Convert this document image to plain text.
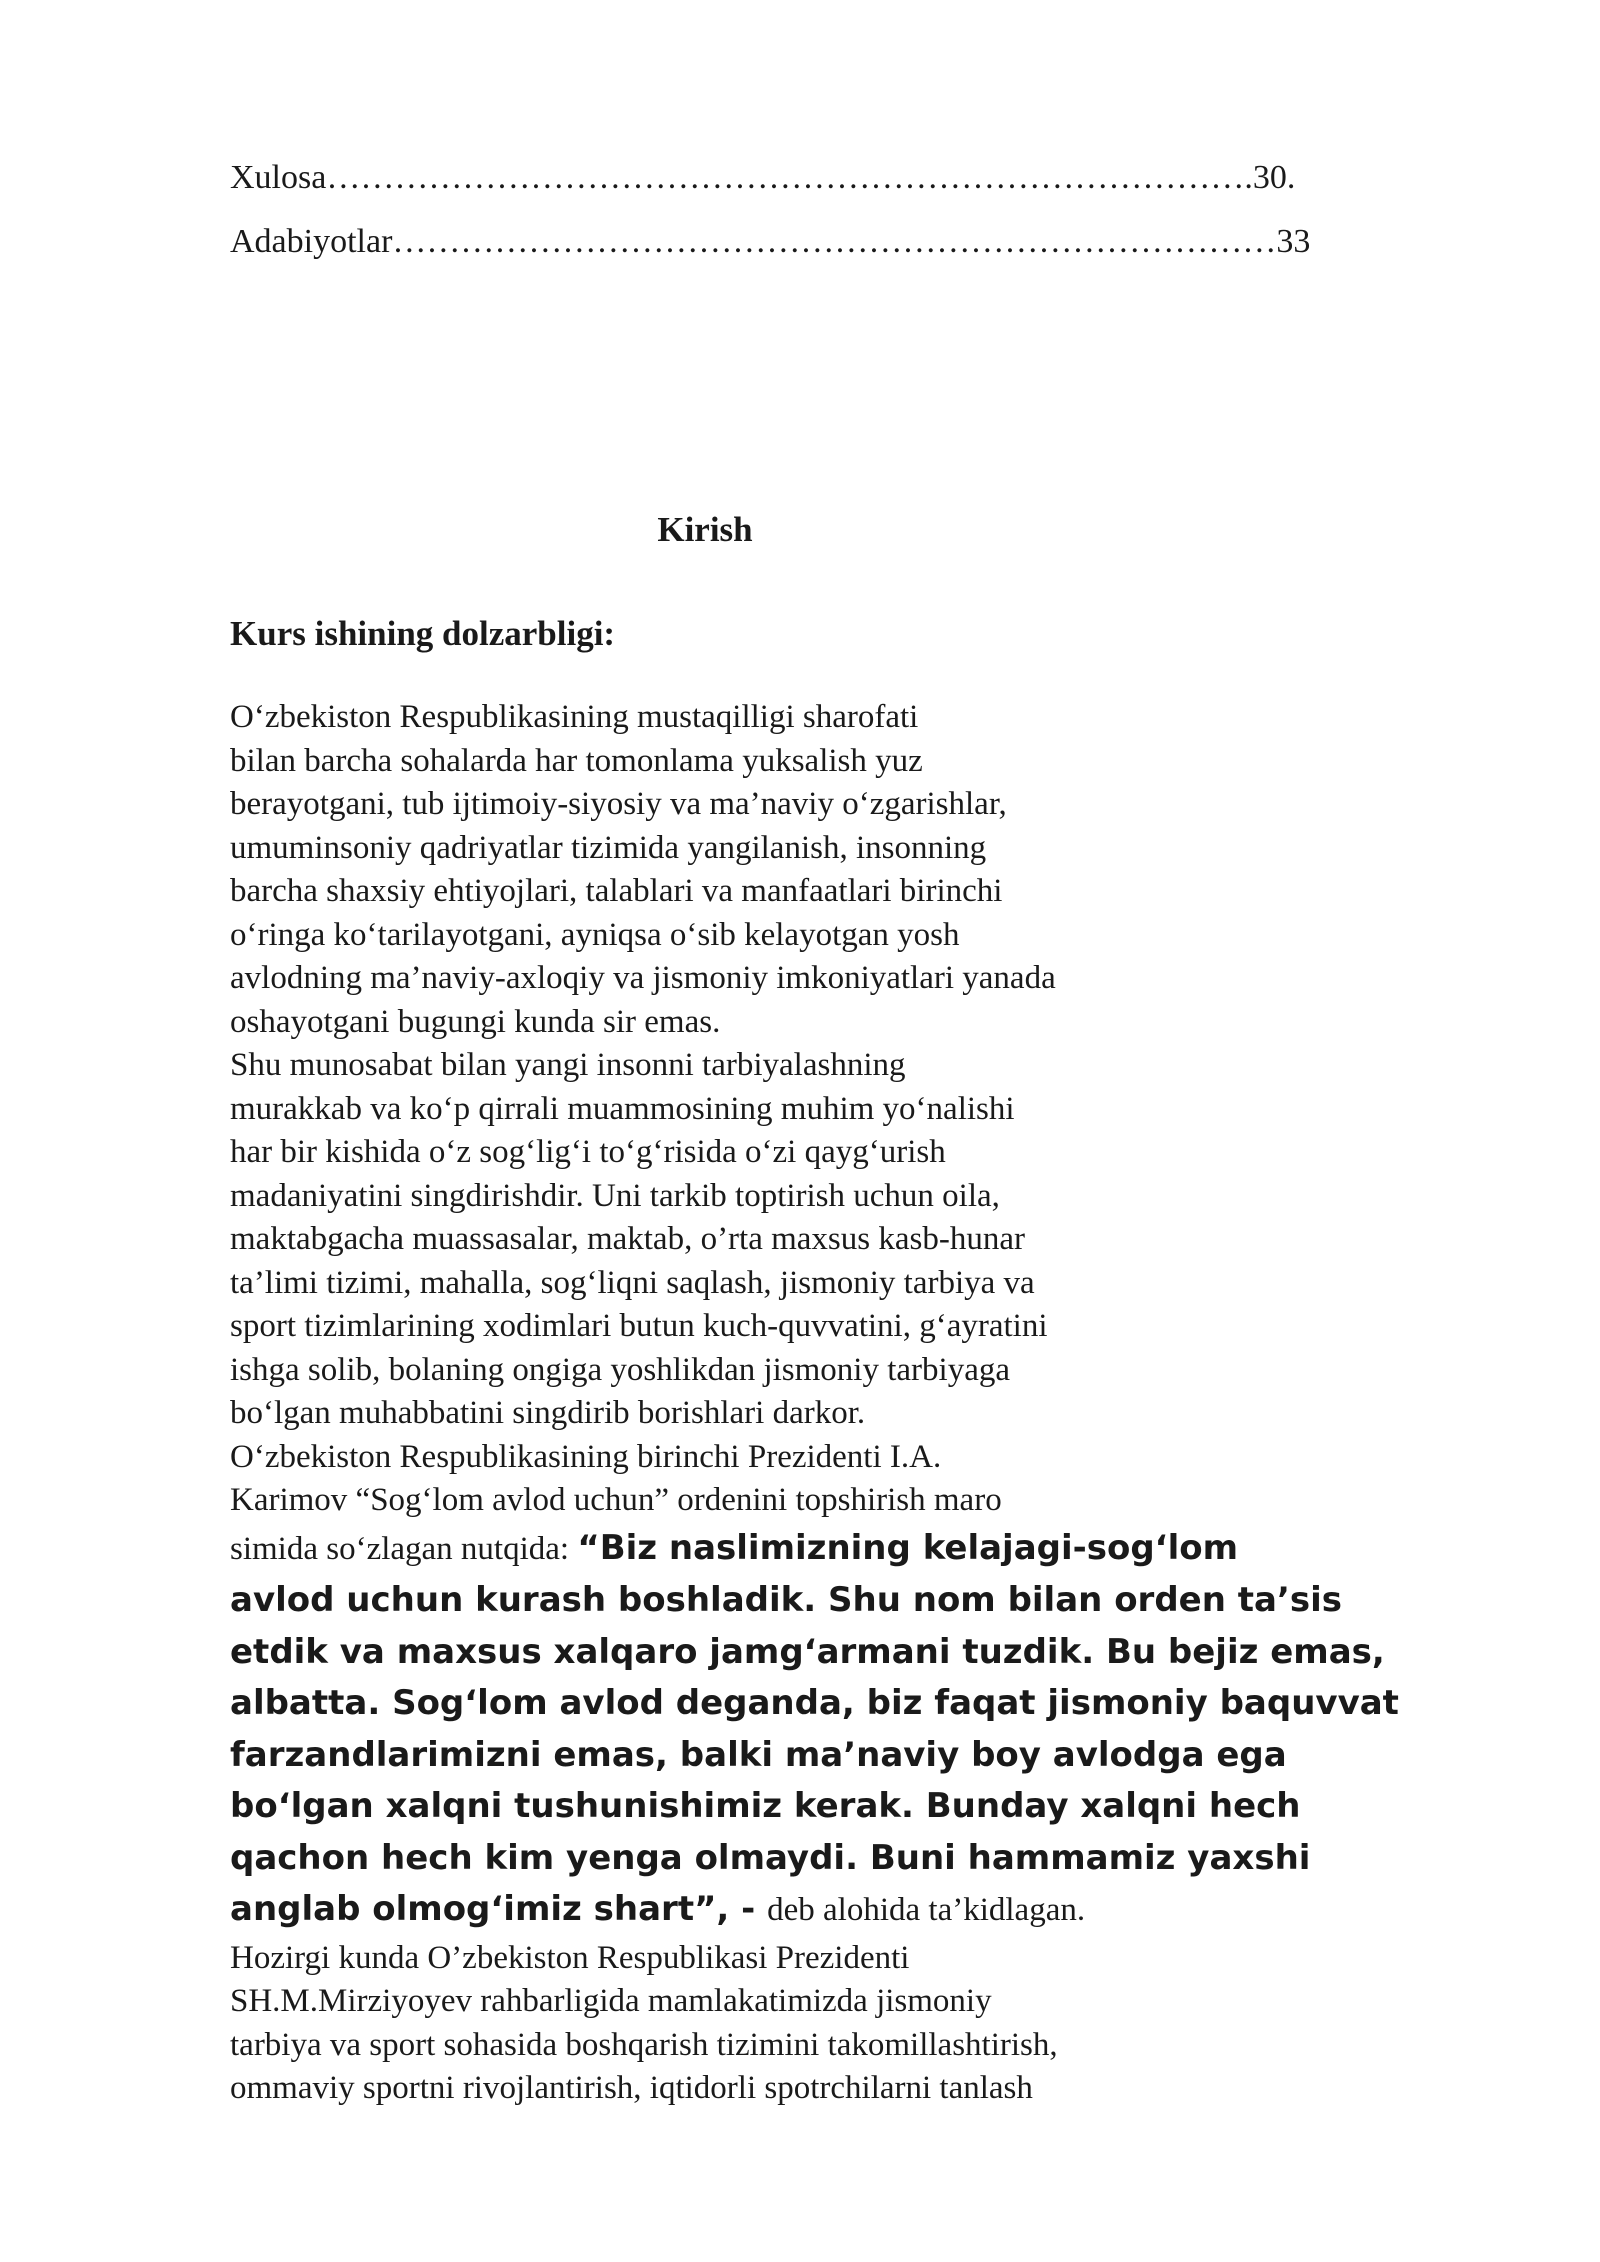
Xulosa……………………………………………………………………….30.
Adabiyotlar……………………………………………………………………33
Kirish
Kurs ishining dolzarbligi:
O‘zbekiston Respublikasining mustaqilligi sharofati
bilan barcha sohalarda har tomonlama yuksalish yuz
berayotgani, tub ijtimoiy-siyosiy va ma’naviy o‘zgarishlar,
umuminsoniy qadriyatlar tizimida yangilanish, insonning
barcha shaxsiy ehtiyojlari, talablari va manfaatlari birinchi
o‘ringa ko‘tarilayotgani, ayniqsa o‘sib kelayotgan yosh
avlodning ma’naviy-axloqiy va jismoniy imkoniyatlari yanada
oshayotgani bugungi kunda sir emas.
Shu munosabat bilan yangi insonni tarbiyalashning
murakkab va ko‘p qirrali muammosining muhim yo‘nalishi
har bir kishida o‘z sog‘lig‘i to‘g‘risida o‘zi qayg‘urish
madaniyatini singdirishdir. Uni tarkib toptirish uchun oila,
maktabgacha muassasalar, maktab, o’rta maxsus kasb-hunar
ta’limi tizimi, mahalla, sog‘liqni saqlash, jismoniy tarbiya va
sport tizimlarining xodimlari butun kuch-quvvatini, g‘ayratini
ishga solib, bolaning ongiga yoshlikdan jismoniy tarbiyaga
bo‘lgan muhabbatini singdirib borishlari darkor.
O‘zbekiston Respublikasining birinchi Prezidenti I.A.
Karimov “Sog‘lom avlod uchun” ordenini topshirish maro
simida so‘zlagan nutqida: “Biz naslimizning kelajagi-sog‘lom
avlod uchun kurash boshladik. Shu nom bilan orden ta’sis
etdik va maxsus xalqaro jamg‘armani tuzdik. Bu bejiz emas,
albatta. Sog‘lom avlod deganda, biz faqat jismoniy baquvvat
farzandlarimizni emas, balki ma’naviy boy avlodga ega
bo‘lgan xalqni tushunishimiz kerak. Bunday xalqni hech
qachon hech kim yenga olmaydi. Buni hammamiz yaxshi
anglab olmog‘imiz shart”, - deb alohida ta’kidlagan.
Hozirgi kunda O’zbekiston Respublikasi Prezidenti
SH.M.Mirziyoyev rahbarligida mamlakatimizda jismoniy
tarbiya va sport sohasida boshqarish tizimini takomillashtirish,
ommaviy sportni rivojlantirish, iqtidorli spotrchilarni tanlash
